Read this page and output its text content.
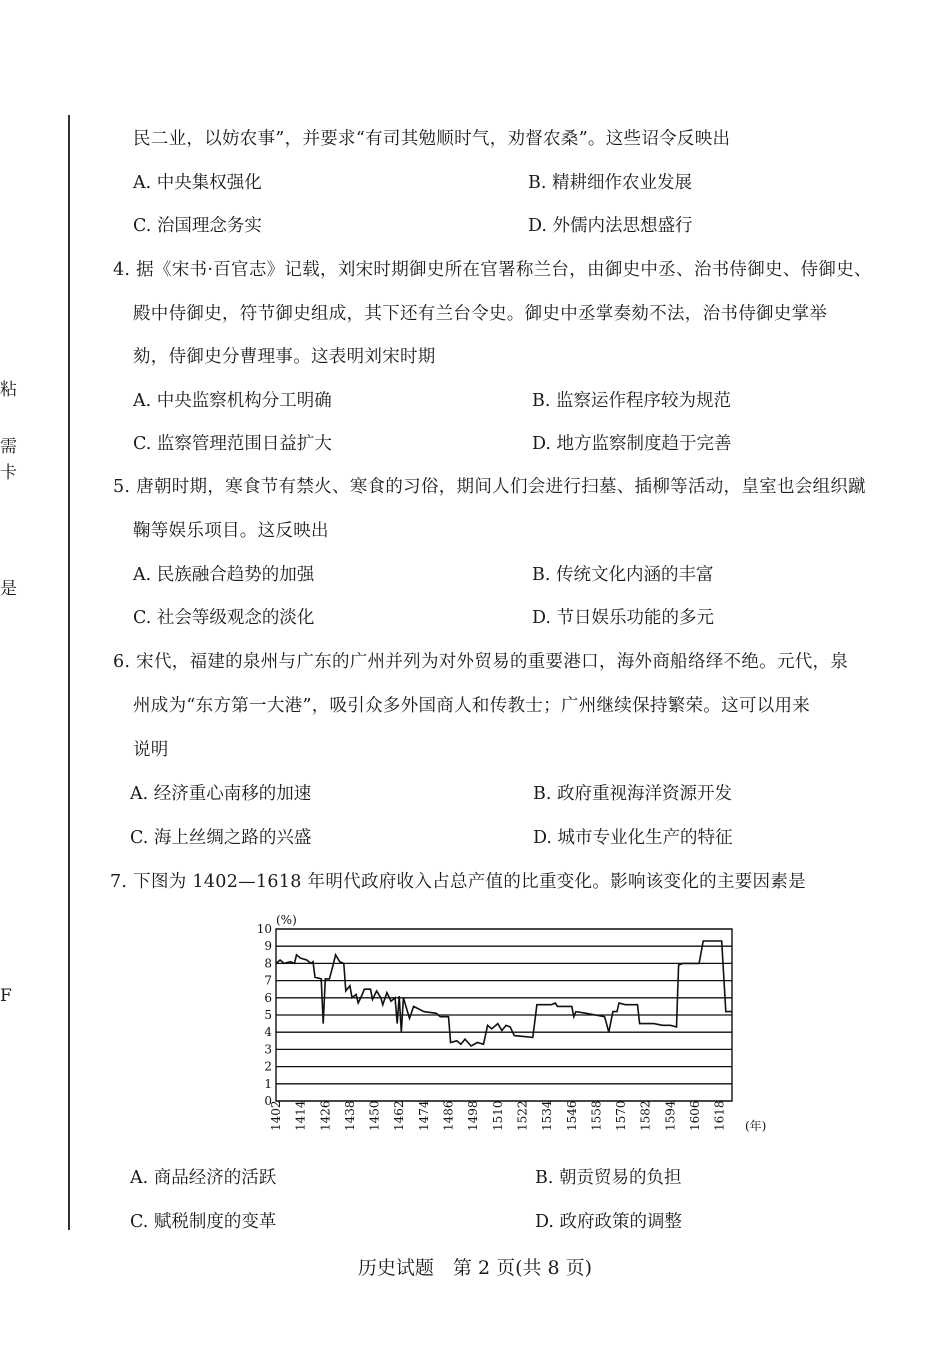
粘
需
卡
是
F
民二业，以妨农事”，并要求“有司其勉顺时气，劝督农桑”。这些诏令反映出
A. 中央集权强化	B. 精耕细作农业发展
C. 治国理念务实	D. 外儒内法思想盛行
4. 据《宋书·百官志》记载，刘宋时期御史所在官署称兰台，由御史中丞、治书侍御史、侍御史、
殿中侍御史，符节御史组成，其下还有兰台令史。御史中丞掌奏劾不法，治书侍御史掌举
劾，侍御史分曹理事。这表明刘宋时期
A. 中央监察机构分工明确	B. 监察运作程序较为规范
C. 监察管理范围日益扩大	D. 地方监察制度趋于完善
5. 唐朝时期，寒食节有禁火、寒食的习俗，期间人们会进行扫墓、插柳等活动，皇室也会组织蹴
鞠等娱乐项目。这反映出
A. 民族融合趋势的加强	B. 传统文化内涵的丰富
C. 社会等级观念的淡化	D. 节日娱乐功能的多元
6. 宋代，福建的泉州与广东的广州并列为对外贸易的重要港口，海外商船络绎不绝。元代，泉
州成为“东方第一大港”，吸引众多外国商人和传教士；广州继续保持繁荣。这可以用来
说明
A. 经济重心南移的加速	B. 政府重视海洋资源开发
C. 海上丝绸之路的兴盛	D. 城市专业化生产的特征
7. 下图为 1402—1618 年明代政府收入占总产值的比重变化。影响该变化的主要因素是
(%)
(年)
0
1
2
3
4
5
6
7
8
9
10
1402 1414 1426 1438 1450 1462 1474 1486 1498 1510 1522 1534 1546 1558 1570 1582 1594 1606 1618
A. 商品经济的活跃	B. 朝贡贸易的负担
C. 赋税制度的变革	D. 政府政策的调整
历史试题　第 2 页(共 8 页)
